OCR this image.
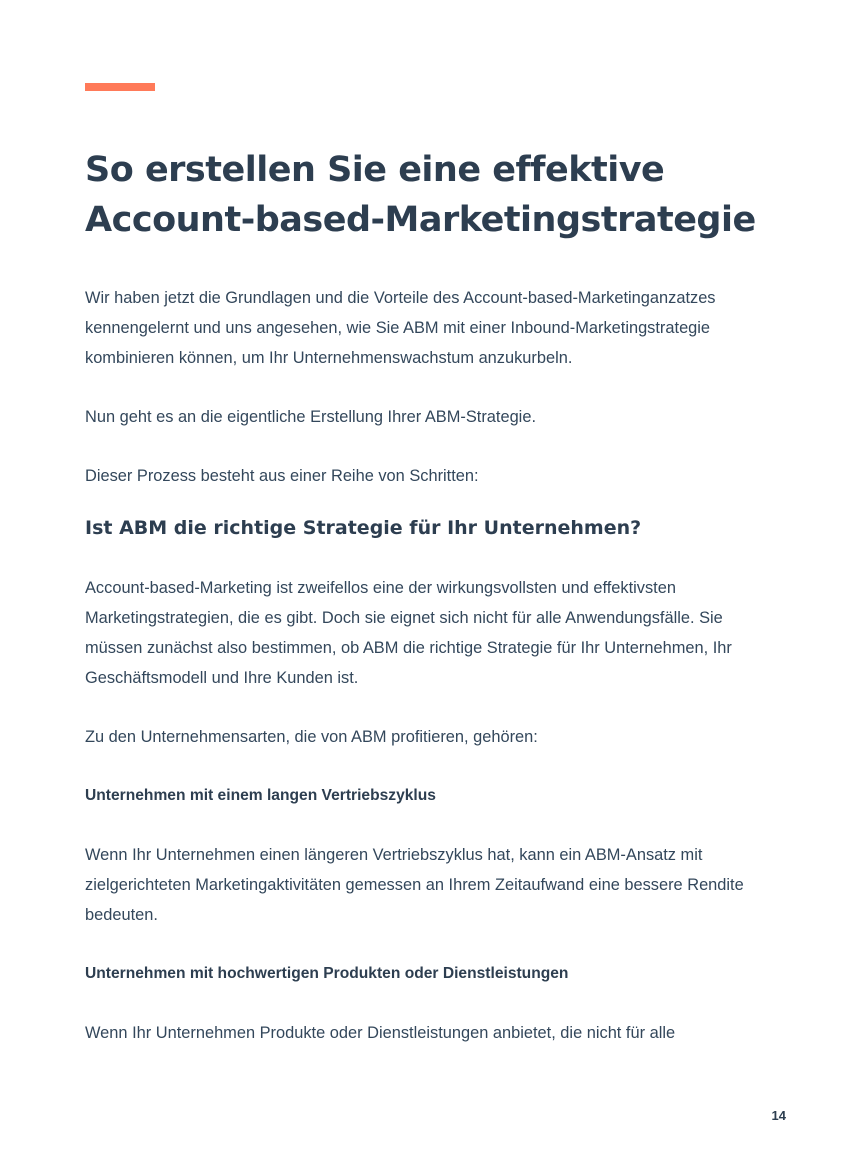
So erstellen Sie eine effektive
Account-based-Marketingstrategie

Wir haben jetzt die Grundlagen und die Vorteile des Account-based-Marketinganzatzes
kennengelernt und uns angesehen, wie Sie ABM mit einer Inbound-Marketingstrategie
kombinieren können, um Ihr Unternehmenswachstum anzukurbeln.

Nun geht es an die eigentliche Erstellung Ihrer ABM-Strategie.

Dieser Prozess besteht aus einer Reihe von Schritten:

Ist ABM die richtige Strategie für Ihr Unternehmen?

Account-based-Marketing ist zweifellos eine der wirkungsvollsten und effektivsten
Marketingstrategien, die es gibt. Doch sie eignet sich nicht für alle Anwendungsfälle. Sie
müssen zunächst also bestimmen, ob ABM die richtige Strategie für Ihr Unternehmen, Ihr
Geschäftsmodell und Ihre Kunden ist.

Zu den Unternehmensarten, die von ABM profitieren, gehören:

Unternehmen mit einem langen Vertriebszyklus

Wenn Ihr Unternehmen einen längeren Vertriebszyklus hat, kann ein ABM-Ansatz mit
zielgerichteten Marketingaktivitäten gemessen an Ihrem Zeitaufwand eine bessere Rendite
bedeuten.

Unternehmen mit hochwertigen Produkten oder Dienstleistungen

Wenn Ihr Unternehmen Produkte oder Dienstleistungen anbietet, die nicht für alle

14
